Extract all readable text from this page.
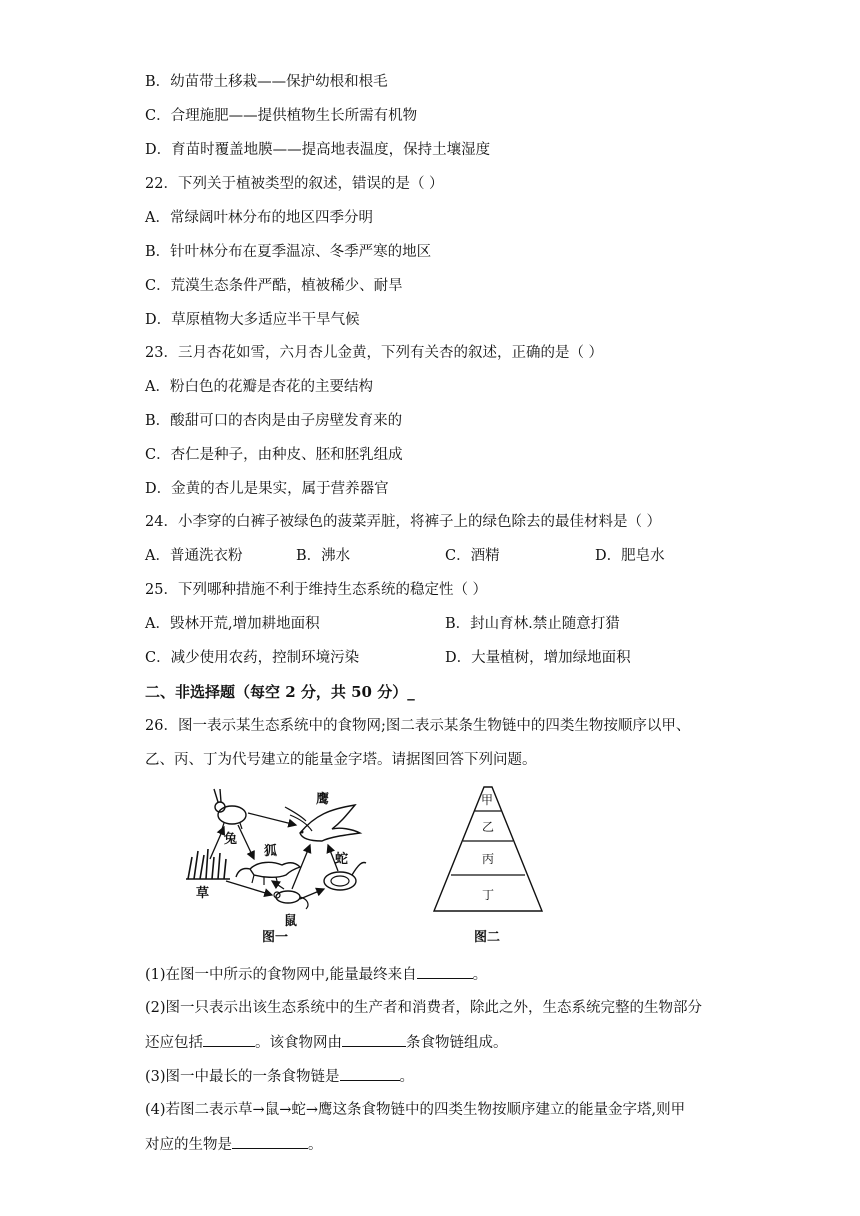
B．幼苗带土移栽——保护幼根和根毛
C．合理施肥——提供植物生长所需有机物
D．育苗时覆盖地膜——提高地表温度，保持土壤湿度
22．下列关于植被类型的叙述，错误的是（ ）
A．常绿阔叶林分布的地区四季分明
B．针叶林分布在夏季温凉、冬季严寒的地区
C．荒漠生态条件严酷，植被稀少、耐旱
D．草原植物大多适应半干旱气候
23．三月杏花如雪，六月杏儿金黄，下列有关杏的叙述，正确的是（ ）
A．粉白色的花瓣是杏花的主要结构
B．酸甜可口的杏肉是由子房壁发育来的
C．杏仁是种子，由种皮、胚和胚乳组成
D．金黄的杏儿是果实，属于营养器官
24．小李穿的白裤子被绿色的菠菜弄脏，将裤子上的绿色除去的最佳材料是（ ）
A．普通洗衣粉	B．沸水	C．酒精	D．肥皂水
25．下列哪种措施不利于维持生态系统的稳定性（ ）
A．毁林开荒,增加耕地面积	B．封山育林.禁止随意打猎
C．减少使用农药，控制环境污染	D．大量植树，增加绿地面积
二、非选择题（每空 2 分，共 50 分）_
26．图一表示某生态系统中的食物网;图二表示某条生物链中的四类生物按顺序以甲、
乙、丙、丁为代号建立的能量金字塔。请据图回答下列问题。
鹰
兔
狐
蛇
草
鼠
图一
甲
乙
丙
丁
图二
(1)在图一中所示的食物网中,能量最终来自	。
(2)图一只表示出该生态系统中的生产者和消费者，除此之外，生态系统完整的生物部分
还应包括	。该食物网由	条食物链组成。
(3)图一中最长的一条食物链是	。
(4)若图二表示草→鼠→蛇→鹰这条食物链中的四类生物按顺序建立的能量金字塔,则甲
对应的生物是	。
